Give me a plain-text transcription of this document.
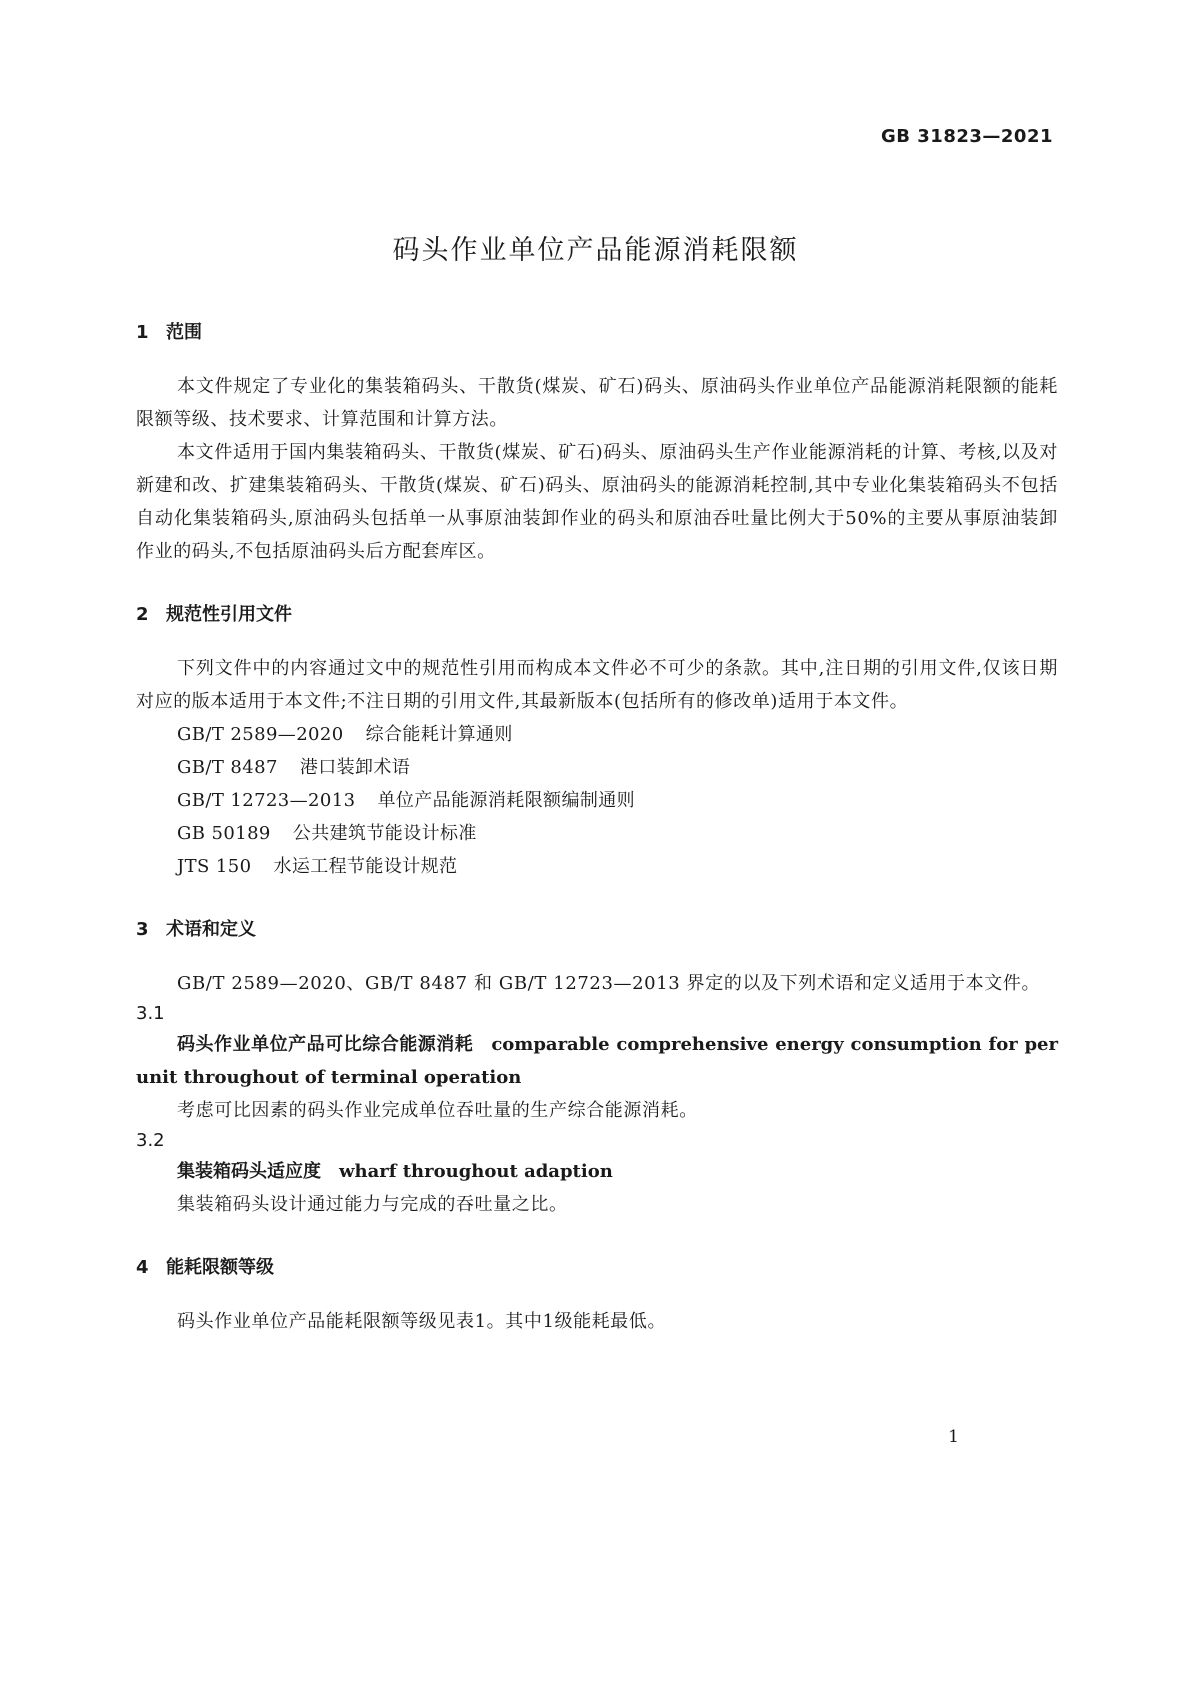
GB 31823—2021
码头作业单位产品能源消耗限额
1 范围
本文件规定了专业化的集装箱码头、干散货(煤炭、矿石)码头、原油码头作业单位产品能源消耗限额的能耗限额等级、技术要求、计算范围和计算方法。
本文件适用于国内集装箱码头、干散货(煤炭、矿石)码头、原油码头生产作业能源消耗的计算、考核,以及对新建和改、扩建集装箱码头、干散货(煤炭、矿石)码头、原油码头的能源消耗控制,其中专业化集装箱码头不包括自动化集装箱码头,原油码头包括单一从事原油装卸作业的码头和原油吞吐量比例大于50%的主要从事原油装卸作业的码头,不包括原油码头后方配套库区。
2 规范性引用文件
下列文件中的内容通过文中的规范性引用而构成本文件必不可少的条款。其中,注日期的引用文件,仅该日期对应的版本适用于本文件;不注日期的引用文件,其最新版本(包括所有的修改单)适用于本文件。
GB/T 2589—2020 综合能耗计算通则
GB/T 8487 港口装卸术语
GB/T 12723—2013 单位产品能源消耗限额编制通则
GB 50189 公共建筑节能设计标准
JTS 150 水运工程节能设计规范
3 术语和定义
GB/T 2589—2020、GB/T 8487 和 GB/T 12723—2013 界定的以及下列术语和定义适用于本文件。
3.1
码头作业单位产品可比综合能源消耗 comparable comprehensive energy consumption for per unit throughout of terminal operation
考虑可比因素的码头作业完成单位吞吐量的生产综合能源消耗。
3.2
集装箱码头适应度 wharf throughout adaption
集装箱码头设计通过能力与完成的吞吐量之比。
4 能耗限额等级
码头作业单位产品能耗限额等级见表1。其中1级能耗最低。
1
